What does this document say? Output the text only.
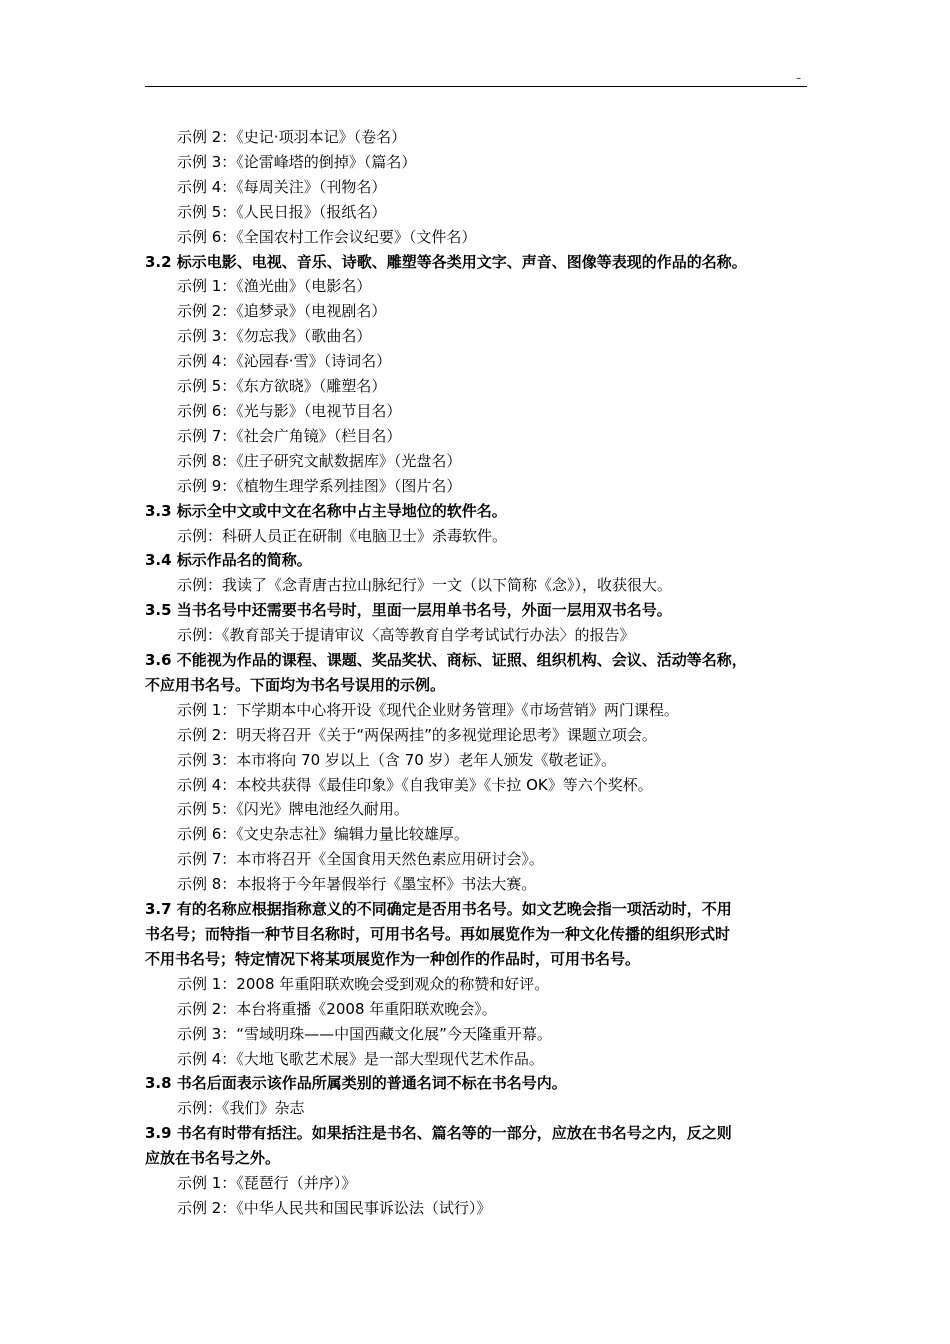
–
示例 2：《史记·项羽本记》（卷名）
示例 3：《论雷峰塔的倒掉》（篇名）
示例 4：《每周关注》（刊物名）
示例 5：《人民日报》（报纸名）
示例 6：《全国农村工作会议纪要》（文件名）
3.2 标示电影、电视、音乐、诗歌、雕塑等各类用文字、声音、图像等表现的作品的名称。
示例 1：《渔光曲》（电影名）
示例 2：《追梦录》（电视剧名）
示例 3：《勿忘我》（歌曲名）
示例 4：《沁园春·雪》（诗词名）
示例 5：《东方欲晓》（雕塑名）
示例 6：《光与影》（电视节目名）
示例 7：《社会广角镜》（栏目名）
示例 8：《庄子研究文献数据库》（光盘名）
示例 9：《植物生理学系列挂图》（图片名）
3.3 标示全中文或中文在名称中占主导地位的软件名。
示例：科研人员正在研制《电脑卫士》杀毒软件。
3.4 标示作品名的简称。
示例：我读了《念青唐古拉山脉纪行》一文（以下简称《念》），收获很大。
3.5 当书名号中还需要书名号时，里面一层用单书名号，外面一层用双书名号。
示例：《教育部关于提请审议〈高等教育自学考试试行办法〉的报告》
3.6 不能视为作品的课程、课题、奖品奖状、商标、证照、组织机构、会议、活动等名称，
不应用书名号。下面均为书名号误用的示例。
示例 1：下学期本中心将开设《现代企业财务管理》《市场营销》两门课程。
示例 2：明天将召开《关于“两保两挂”的多视觉理论思考》课题立项会。
示例 3：本市将向 70 岁以上（含 70 岁）老年人颁发《敬老证》。
示例 4：本校共获得《最佳印象》《自我审美》《卡拉 OK》等六个奖杯。
示例 5：《闪光》牌电池经久耐用。
示例 6：《文史杂志社》编辑力量比较雄厚。
示例 7：本市将召开《全国食用天然色素应用研讨会》。
示例 8：本报将于今年暑假举行《墨宝杯》书法大赛。
3.7 有的名称应根据指称意义的不同确定是否用书名号。如文艺晚会指一项活动时，不用
书名号；而特指一种节目名称时，可用书名号。再如展览作为一种文化传播的组织形式时
不用书名号；特定情况下将某项展览作为一种创作的作品时，可用书名号。
示例 1：2008 年重阳联欢晚会受到观众的称赞和好评。
示例 2：本台将重播《2008 年重阳联欢晚会》。
示例 3：“雪域明珠——中国西藏文化展”今天隆重开幕。
示例 4：《大地飞歌艺术展》是一部大型现代艺术作品。
3.8 书名后面表示该作品所属类别的普通名词不标在书名号内。
示例：《我们》杂志
3.9 书名有时带有括注。如果括注是书名、篇名等的一部分，应放在书名号之内，反之则
应放在书名号之外。
示例 1：《琵琶行（并序）》
示例 2：《中华人民共和国民事诉讼法（试行）》
